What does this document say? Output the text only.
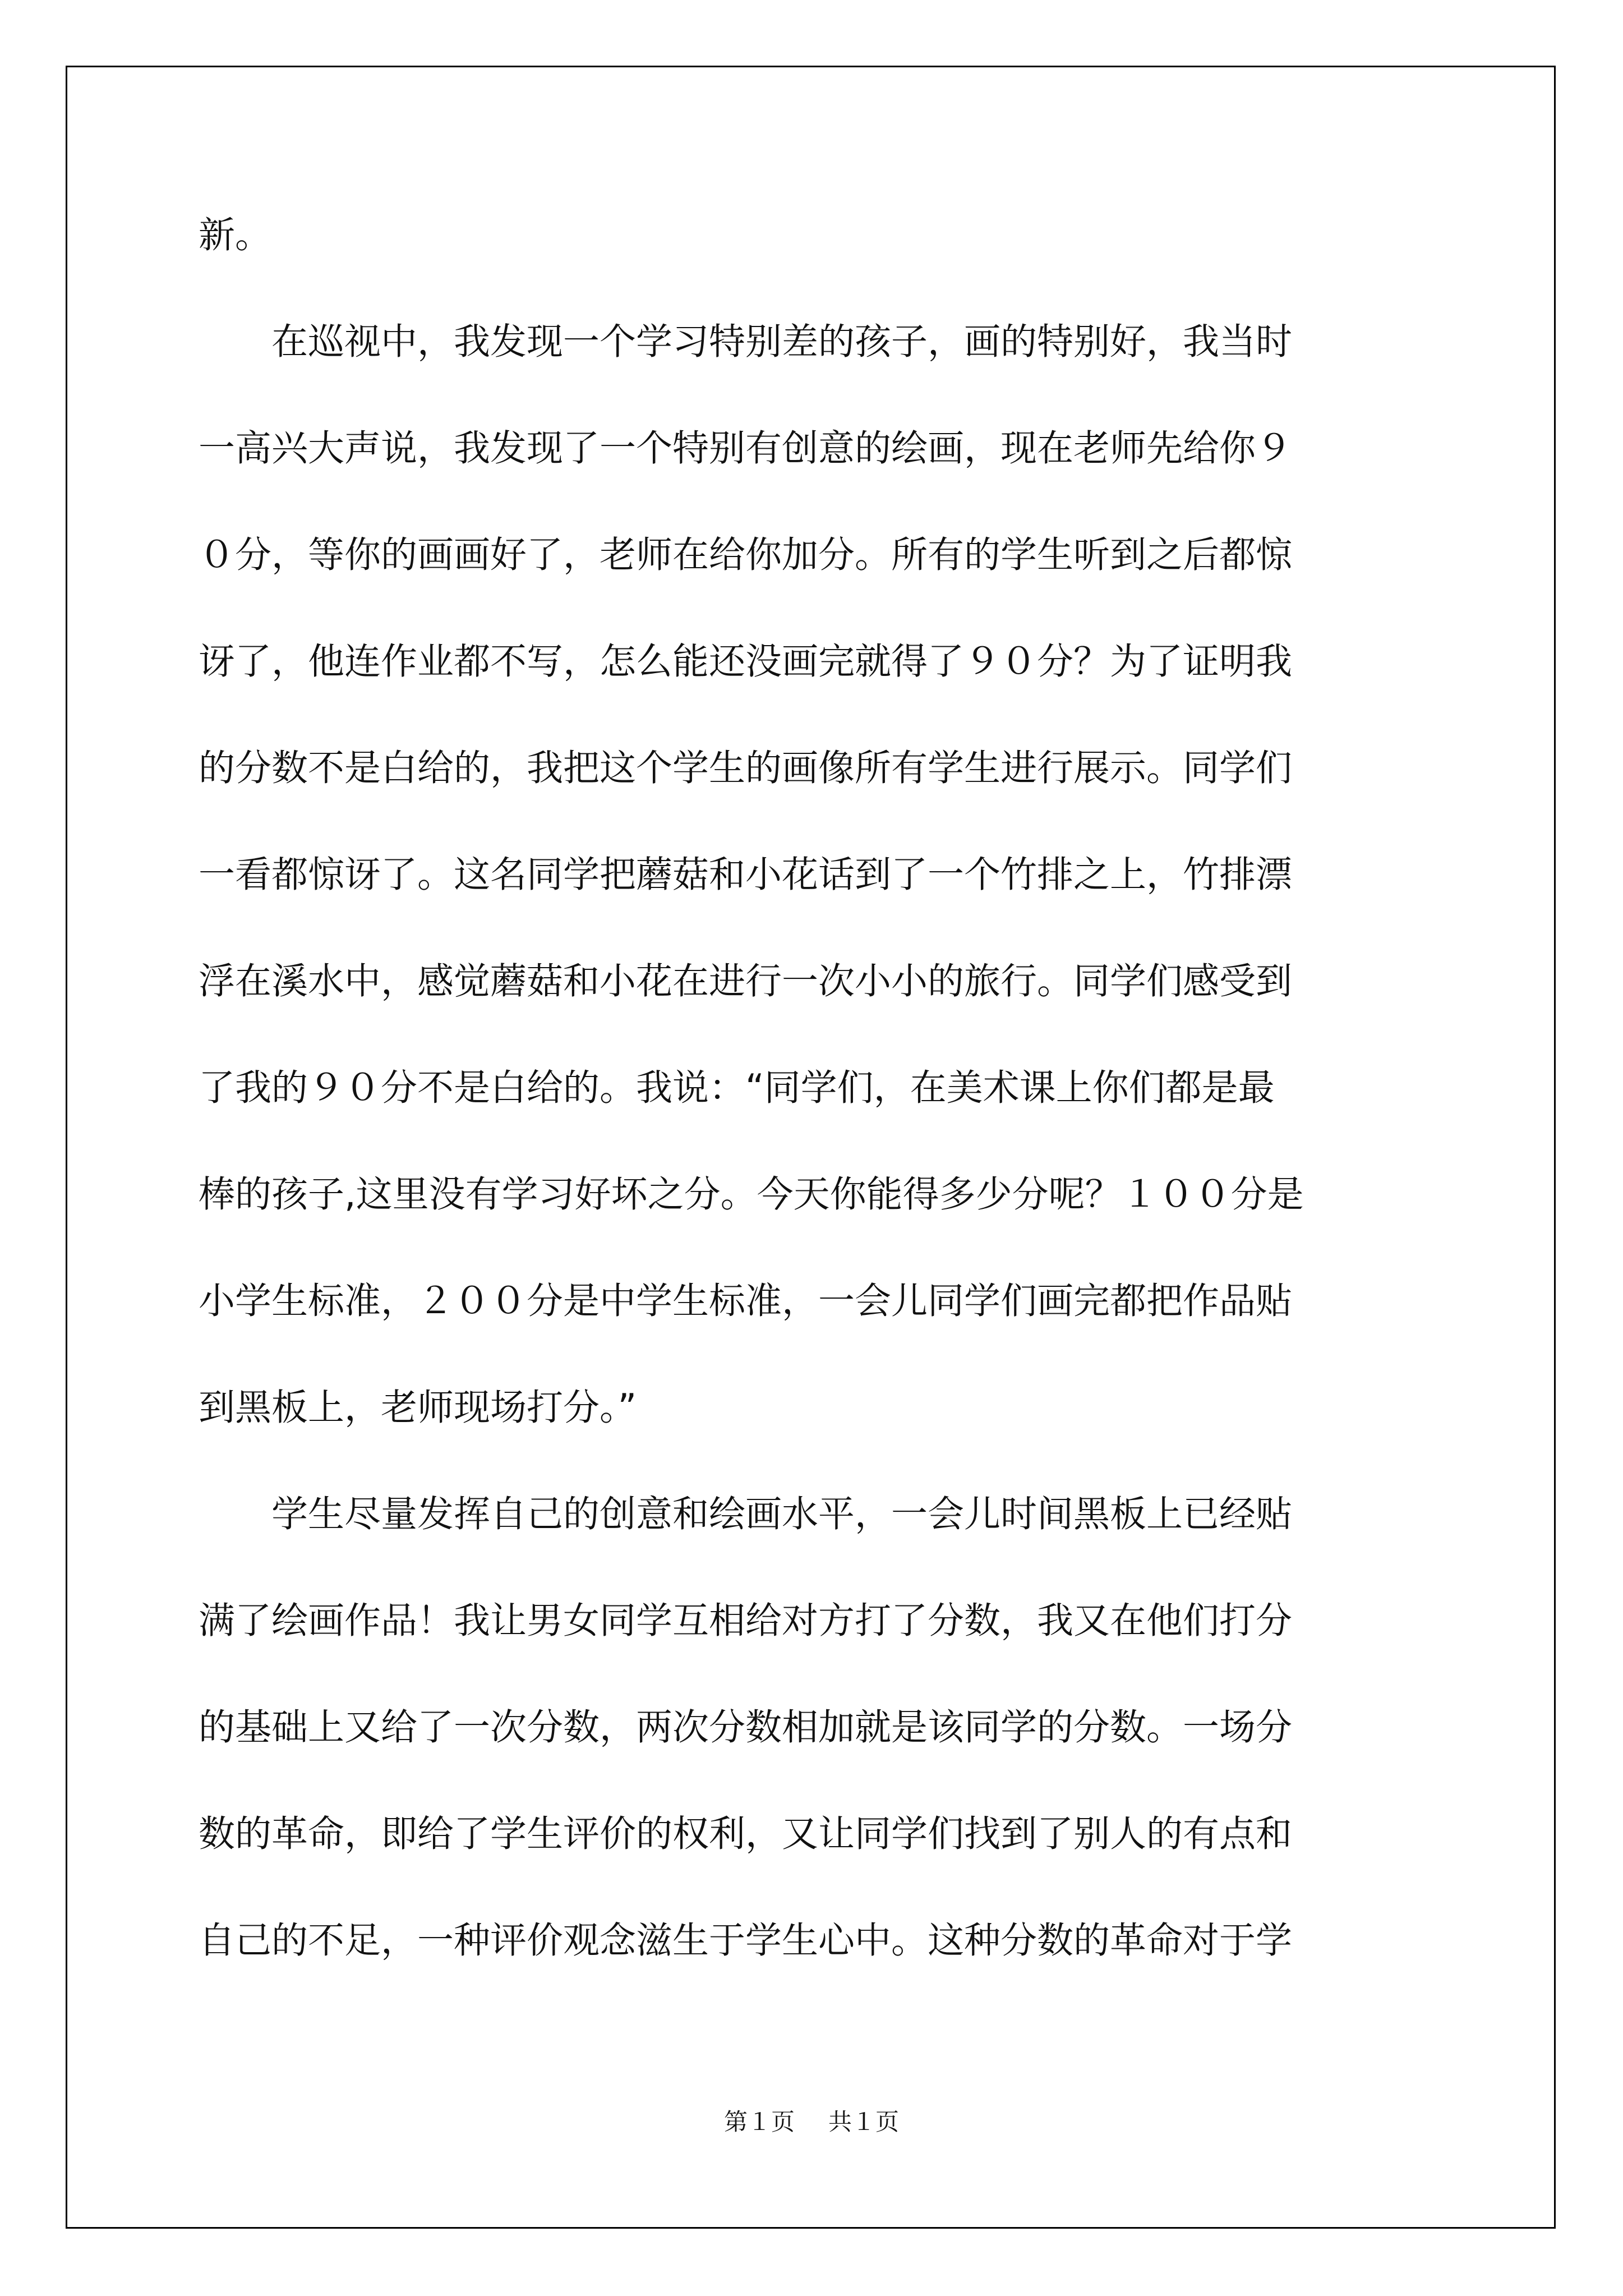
新。
　　在巡视中，我发现一个学习特别差的孩子，画的特别好，我当时
一高兴大声说，我发现了一个特别有创意的绘画，现在老师先给你９
０分，等你的画画好了，老师在给你加分。所有的学生听到之后都惊
讶了，他连作业都不写，怎么能还没画完就得了９０分？为了证明我
的分数不是白给的，我把这个学生的画像所有学生进行展示。同学们
一看都惊讶了。这名同学把蘑菇和小花话到了一个竹排之上，竹排漂
浮在溪水中，感觉蘑菇和小花在进行一次小小的旅行。同学们感受到
了我的９０分不是白给的。我说：“同学们，在美术课上你们都是最
棒的孩子,这里没有学习好坏之分。今天你能得多少分呢？１００分是
小学生标准，２００分是中学生标准，一会儿同学们画完都把作品贴
到黑板上，老师现场打分。”
　　学生尽量发挥自己的创意和绘画水平，一会儿时间黑板上已经贴
满了绘画作品！我让男女同学互相给对方打了分数，我又在他们打分
的基础上又给了一次分数，两次分数相加就是该同学的分数。一场分
数的革命，即给了学生评价的权利，又让同学们找到了别人的有点和
自己的不足，一种评价观念滋生于学生心中。这种分数的革命对于学
第１页 共１页
